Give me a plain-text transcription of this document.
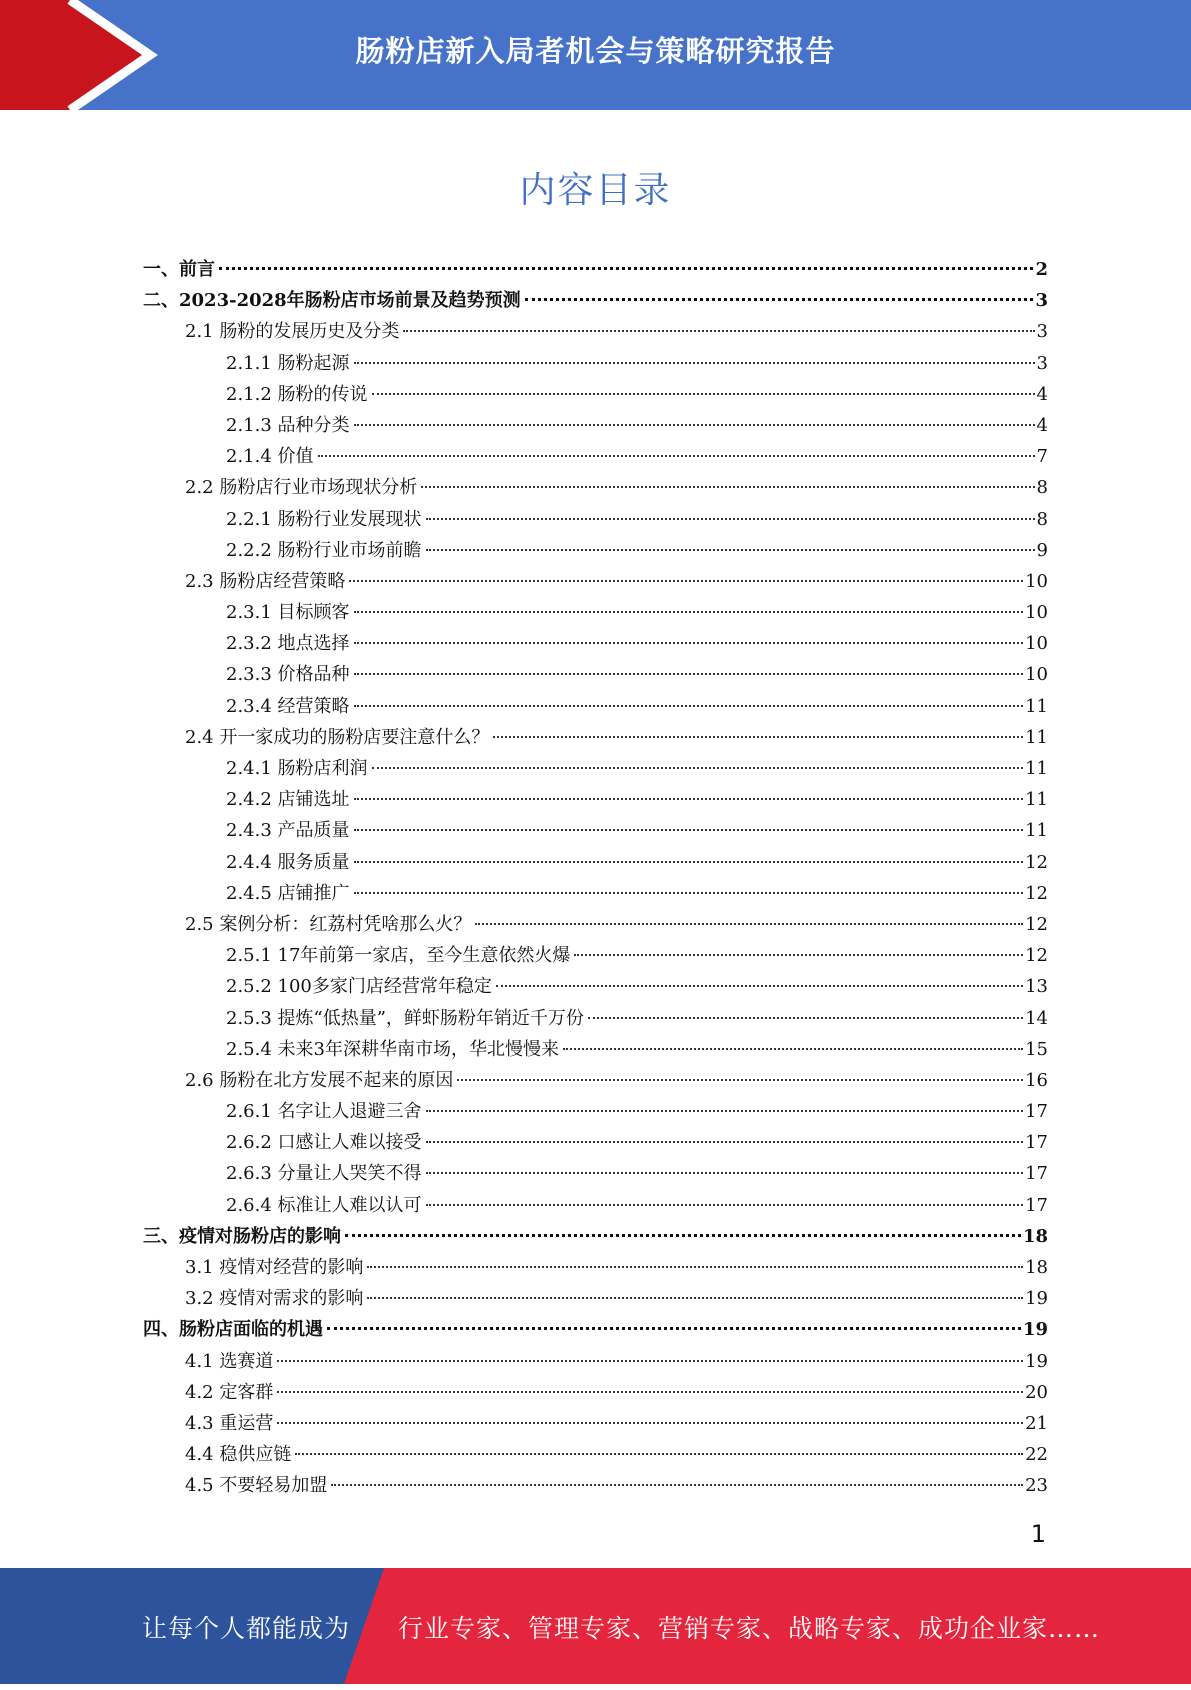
肠粉店新入局者机会与策略研究报告
内容目录
一、前言	2
二、2023-2028年肠粉店市场前景及趋势预测	3
2.1 肠粉的发展历史及分类	3
2.1.1 肠粉起源	3
2.1.2 肠粉的传说	4
2.1.3 品种分类	4
2.1.4 价值	7
2.2 肠粉店行业市场现状分析	8
2.2.1 肠粉行业发展现状	8
2.2.2 肠粉行业市场前瞻	9
2.3 肠粉店经营策略	10
2.3.1 目标顾客	10
2.3.2 地点选择	10
2.3.3 价格品种	10
2.3.4 经营策略	11
2.4 开一家成功的肠粉店要注意什么？	11
2.4.1 肠粉店利润	11
2.4.2 店铺选址	11
2.4.3 产品质量	11
2.4.4 服务质量	12
2.4.5 店铺推广	12
2.5 案例分析：红荔村凭啥那么火？	12
2.5.1 17年前第一家店，至今生意依然火爆	12
2.5.2 100多家门店经营常年稳定	13
2.5.3 提炼“低热量”，鲜虾肠粉年销近千万份	14
2.5.4 未来3年深耕华南市场，华北慢慢来	15
2.6 肠粉在北方发展不起来的原因	16
2.6.1 名字让人退避三舍	17
2.6.2 口感让人难以接受	17
2.6.3 分量让人哭笑不得	17
2.6.4 标准让人难以认可	17
三、疫情对肠粉店的影响	18
3.1 疫情对经营的影响	18
3.2 疫情对需求的影响	19
四、肠粉店面临的机遇	19
4.1 选赛道	19
4.2 定客群	20
4.3 重运营	21
4.4 稳供应链	22
4.5 不要轻易加盟	23
1
让每个人都能成为 行业专家、管理专家、营销专家、战略专家、成功企业家……
